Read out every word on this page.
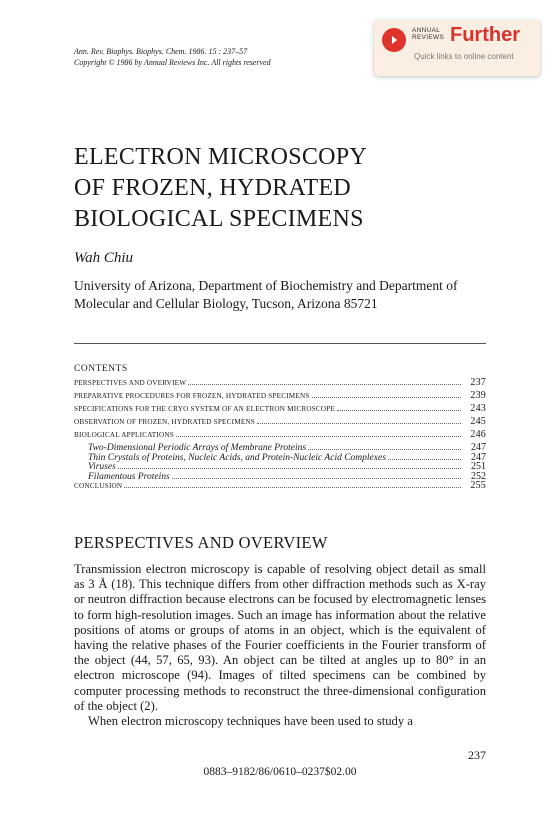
Ann. Rev. Biophys. Biophys. Chem. 1986. 15 : 237–57
Copyright © 1986 by Annual Reviews Inc. All rights reserved
ANNUAL
REVIEWS Further
Quick links to online content
ELECTRON MICROSCOPY
OF FROZEN, HYDRATED
BIOLOGICAL SPECIMENS
Wah Chiu
University of Arizona, Department of Biochemistry and Department of Molecular and Cellular Biology, Tucson, Arizona 85721
CONTENTS
PERSPECTIVES AND OVERVIEW	237
PREPARATIVE PROCEDURES FOR FROZEN, HYDRATED SPECIMENS	239
SPECIFICATIONS FOR THE CRYO SYSTEM OF AN ELECTRON MICROSCOPE	243
OBSERVATION OF FROZEN, HYDRATED SPECIMENS	245
BIOLOGICAL APPLICATIONS	246
Two-Dimensional Periodic Arrays of Membrane Proteins	247
Thin Crystals of Proteins, Nucleic Acids, and Protein-Nucleic Acid Complexes	247
Viruses	251
Filamentous Proteins	252
CONCLUSION	255
PERSPECTIVES AND OVERVIEW

Transmission electron microscopy is capable of resolving object detail as small as 3 Å (18). This technique differs from other diffraction methods such as X-ray or neutron diffraction because electrons can be focused by electromagnetic lenses to form high-resolution images. Such an image has information about the relative positions of atoms or groups of atoms in an object, which is the equivalent of having the relative phases of the Fourier coefficients in the Fourier transform of the object (44, 57, 65, 93). An object can be tilted at angles up to 80° in an electron microscope (94). Images of tilted specimens can be combined by computer processing methods to reconstruct the three-dimensional configuration of the object (2).

When electron microscopy techniques have been used to study a

237
0883–9182/86/0610–0237$02.00
